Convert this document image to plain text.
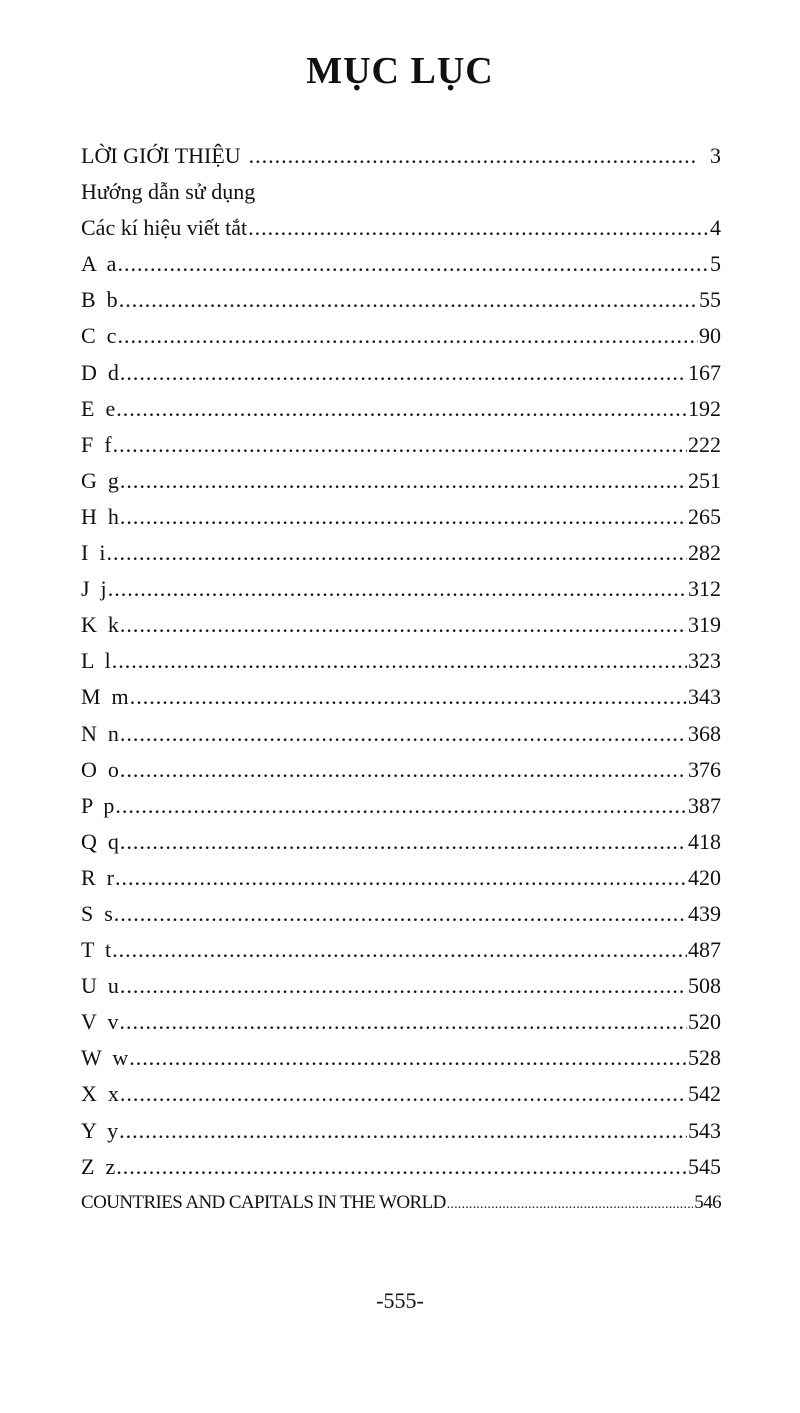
MỤC LỤC
LỜI GIỚI THIỆU .....	3
Hướng dẫn sử dụng
Các kí hiệu viết tắt .....	4
A  a .....	5
B  b .....	55
C  c .....	90
D  d .....	167
E  e .....	192
F  f .....	222
G  g .....	251
H  h .....	265
I  i .....	282
J  j .....	312
K  k .....	319
L  l .....	323
M  m .....	343
N  n .....	368
O  o .....	376
P  p .....	387
Q  q .....	418
R  r .....	420
S  s .....	439
T  t .....	487
U  u .....	508
V  v .....	520
W  w .....	528
X  x .....	542
Y  y .....	543
Z  z .....	545
COUNTRIES AND CAPITALS IN THE WORLD .....	546
-555-
